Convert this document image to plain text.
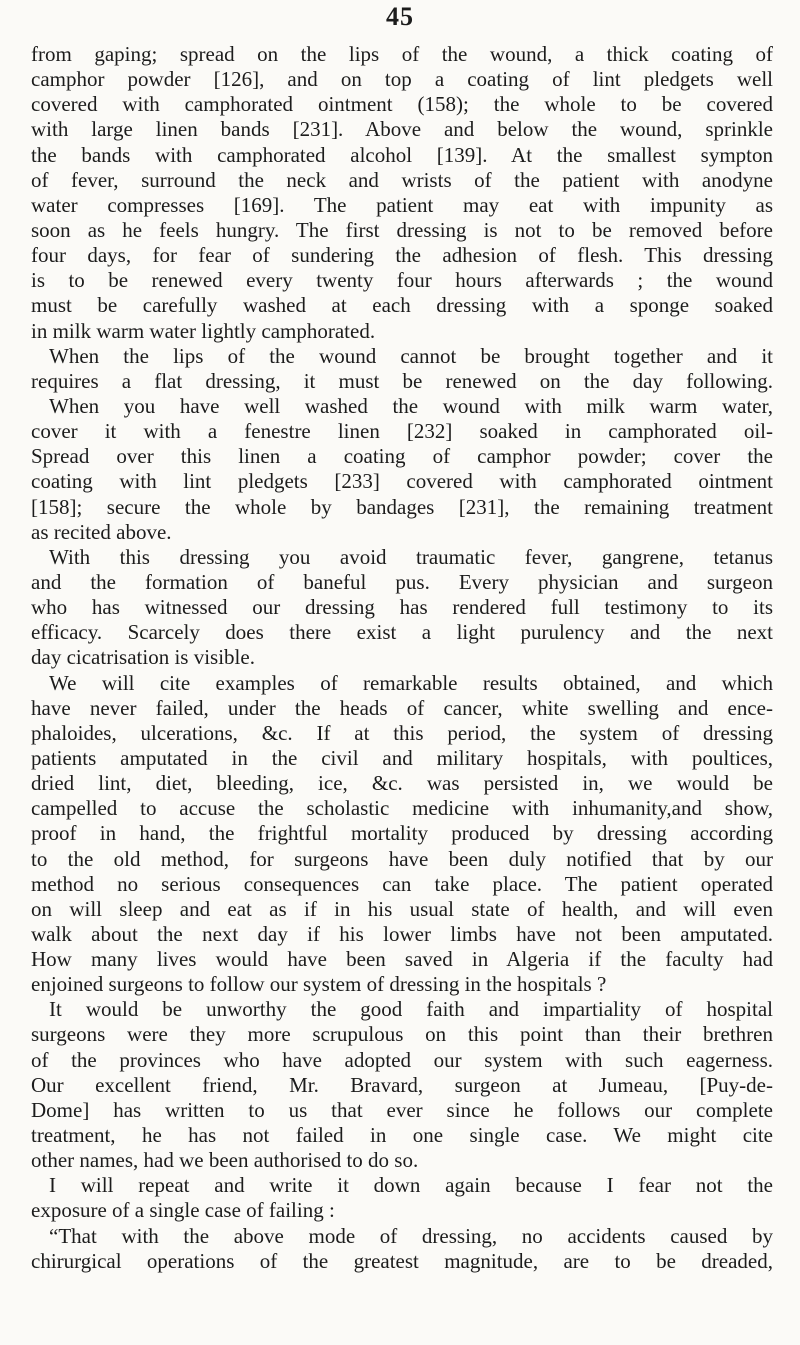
45
from gaping; spread on the lips of the wound, a thick coating of
camphor powder [126], and on top a coating of lint pledgets well
covered with camphorated ointment (158); the whole to be covered
with large linen bands [231]. Above and below the wound, sprinkle
the bands with camphorated alcohol [139]. At the smallest sympton
of fever, surround the neck and wrists of the patient with anodyne
water compresses [169]. The patient may eat with impunity as
soon as he feels hungry. The first dressing is not to be removed before
four days, for fear of sundering the adhesion of flesh. This dressing
is to be renewed every twenty four hours afterwards ; the wound
must be carefully washed at each dressing with a sponge soaked
in milk warm water lightly camphorated.
When the lips of the wound cannot be brought together and it
requires a flat dressing, it must be renewed on the day following.
When you have well washed the wound with milk warm water,
cover it with a fenestre linen [232] soaked in camphorated oil-
Spread over this linen a coating of camphor powder; cover the
coating with lint pledgets [233] covered with camphorated ointment
[158]; secure the whole by bandages [231], the remaining treatment
as recited above.
With this dressing you avoid traumatic fever, gangrene, tetanus
and the formation of baneful pus. Every physician and surgeon
who has witnessed our dressing has rendered full testimony to its
efficacy. Scarcely does there exist a light purulency and the next
day cicatrisation is visible.
We will cite examples of remarkable results obtained, and which
have never failed, under the heads of cancer, white swelling and ence-
phaloides, ulcerations, &c. If at this period, the system of dressing
patients amputated in the civil and military hospitals, with poultices,
dried lint, diet, bleeding, ice, &c. was persisted in, we would be
campelled to accuse the scholastic medicine with inhumanity,and show,
proof in hand, the frightful mortality produced by dressing according
to the old method, for surgeons have been duly notified that by our
method no serious consequences can take place. The patient operated
on will sleep and eat as if in his usual state of health, and will even
walk about the next day if his lower limbs have not been amputated.
How many lives would have been saved in Algeria if the faculty had
enjoined surgeons to follow our system of dressing in the hospitals ?
It would be unworthy the good faith and impartiality of hospital
surgeons were they more scrupulous on this point than their brethren
of the provinces who have adopted our system with such eagerness.
Our excellent friend, Mr. Bravard, surgeon at Jumeau, [Puy-de-
Dome] has written to us that ever since he follows our complete
treatment, he has not failed in one single case. We might cite
other names, had we been authorised to do so.
I will repeat and write it down again because I fear not the
exposure of a single case of failing :
“That with the above mode of dressing, no accidents caused by
chirurgical operations of the greatest magnitude, are to be dreaded,
